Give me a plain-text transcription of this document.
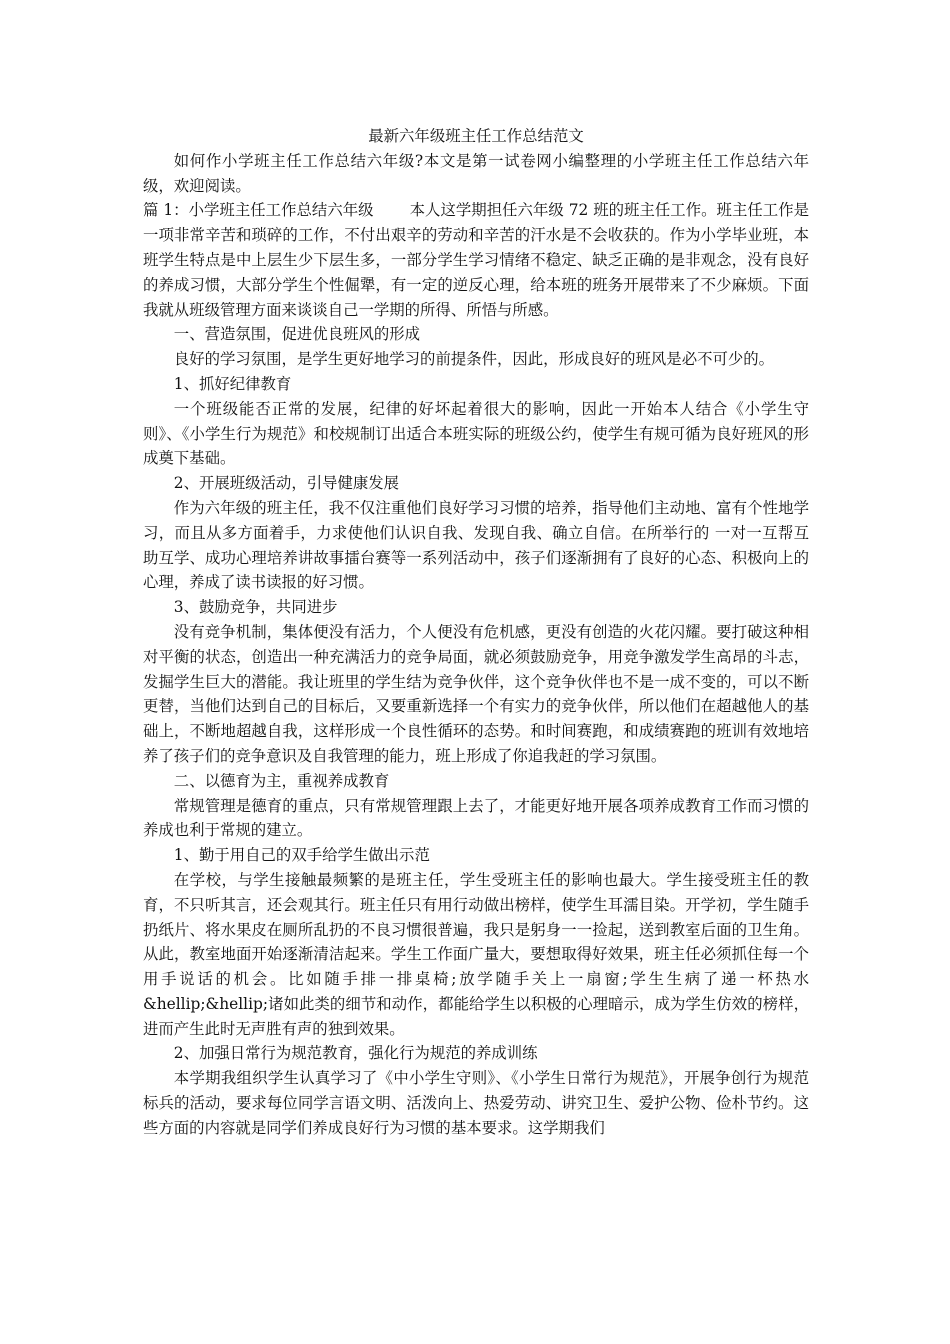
最新六年级班主任工作总结范文

如何作小学班主任工作总结六年级?本文是第一试卷网小编整理的小学班主任工作总结六年级，欢迎阅读。

篇 1：小学班主任工作总结六年级 本人这学期担任六年级 72 班的班主任工作。班主任工作是一项非常辛苦和琐碎的工作，不付出艰辛的劳动和辛苦的汗水是不会收获的。作为小学毕业班，本班学生特点是中上层生少下层生多，一部分学生学习情绪不稳定、缺乏正确的是非观念，没有良好的养成习惯，大部分学生个性倔犟，有一定的逆反心理，给本班的班务开展带来了不少麻烦。下面我就从班级管理方面来谈谈自己一学期的所得、所悟与所感。

一、营造氛围，促进优良班风的形成

良好的学习氛围，是学生更好地学习的前提条件，因此，形成良好的班风是必不可少的。

1、抓好纪律教育

一个班级能否正常的发展，纪律的好坏起着很大的影响，因此一开始本人结合《小学生守则》、《小学生行为规范》和校规制订出适合本班实际的班级公约，使学生有规可循为良好班风的形成奠下基础。

2、开展班级活动，引导健康发展

作为六年级的班主任，我不仅注重他们良好学习习惯的培养，指导他们主动地、富有个性地学习，而且从多方面着手，力求使他们认识自我、发现自我、确立自信。在所举行的 一对一互帮互助互学、成功心理培养讲故事擂台赛等一系列活动中，孩子们逐渐拥有了良好的心态、积极向上的心理，养成了读书读报的好习惯。

3、鼓励竞争，共同进步

没有竞争机制，集体便没有活力，个人便没有危机感，更没有创造的火花闪耀。要打破这种相对平衡的状态，创造出一种充满活力的竞争局面，就必须鼓励竞争，用竞争激发学生高昂的斗志，发掘学生巨大的潜能。我让班里的学生结为竞争伙伴，这个竞争伙伴也不是一成不变的，可以不断更替，当他们达到自己的目标后，又要重新选择一个有实力的竞争伙伴，所以他们在超越他人的基础上，不断地超越自我，这样形成一个良性循环的态势。和时间赛跑，和成绩赛跑的班训有效地培养了孩子们的竞争意识及自我管理的能力，班上形成了你追我赶的学习氛围。

二、以德育为主，重视养成教育

常规管理是德育的重点，只有常规管理跟上去了，才能更好地开展各项养成教育工作而习惯的养成也利于常规的建立。

1、勤于用自己的双手给学生做出示范

在学校，与学生接触最频繁的是班主任，学生受班主任的影响也最大。学生接受班主任的教育，不只听其言，还会观其行。班主任只有用行动做出榜样，使学生耳濡目染。开学初，学生随手扔纸片、将水果皮在厕所乱扔的不良习惯很普遍，我只是躬身一一捡起，送到教室后面的卫生角。从此，教室地面开始逐渐清洁起来。学生工作面广量大，要想取得好效果，班主任必须抓住每一个用手说话的机会。比如随手排一排桌椅;放学随手关上一扇窗;学生生病了递一杯热水&hellip;&hellip;诸如此类的细节和动作，都能给学生以积极的心理暗示，成为学生仿效的榜样，进而产生此时无声胜有声的独到效果。

2、加强日常行为规范教育，强化行为规范的养成训练

本学期我组织学生认真学习了《中小学生守则》、《小学生日常行为规范》，开展争创行为规范标兵的活动，要求每位同学言语文明、活泼向上、热爱劳动、讲究卫生、爱护公物、俭朴节约。这些方面的内容就是同学们养成良好行为习惯的基本要求。这学期我们
